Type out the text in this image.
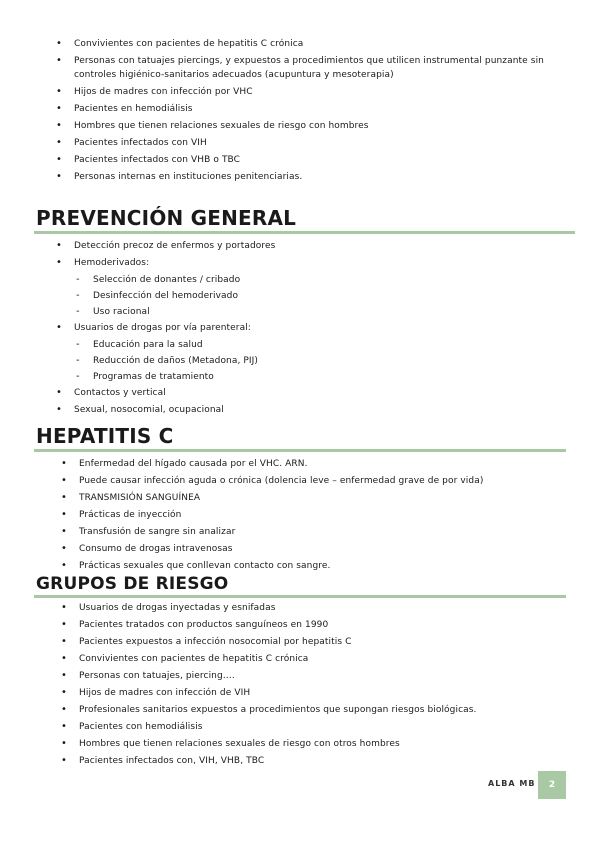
• Convivientes con pacientes de hepatitis C crónica
• Personas con tatuajes piercings, y expuestos a procedimientos que utilicen instrumental punzante sin controles higiénico-sanitarios adecuados (acupuntura y mesoterapia)
• Hijos de madres con infección por VHC
• Pacientes en hemodiálisis
• Hombres que tienen relaciones sexuales de riesgo con hombres
• Pacientes infectados con VIH
• Pacientes infectados con VHB o TBC
• Personas internas en instituciones penitenciarias.
PREVENCIÓN GENERAL
• Detección precoz de enfermos y portadores
• Hemoderivados:
- Selección de donantes / cribado
- Desinfección del hemoderivado
- Uso racional
• Usuarios de drogas por vía parenteral:
- Educación para la salud
- Reducción de daños (Metadona, PIJ)
- Programas de tratamiento
• Contactos y vertical
• Sexual, nosocomial, ocupacional
HEPATITIS C
• Enfermedad del hígado causada por el VHC. ARN.
• Puede causar infección aguda o crónica (dolencia leve – enfermedad grave de por vida)
• TRANSMISIÓN SANGUÍNEA
• Prácticas de inyección
• Transfusión de sangre sin analizar
• Consumo de drogas intravenosas
• Prácticas sexuales que conllevan contacto con sangre.
GRUPOS DE RIESGO
• Usuarios de drogas inyectadas y esnifadas
• Pacientes tratados con productos sanguíneos en 1990
• Pacientes expuestos a infección nosocomial por hepatitis C
• Convivientes con pacientes de hepatitis C crónica
• Personas con tatuajes, piercing….
• Hijos de madres con infección de VIH
• Profesionales sanitarios expuestos a procedimientos que supongan riesgos biológicas.
• Pacientes con hemodiálisis
• Hombres que tienen relaciones sexuales de riesgo con otros hombres
• Pacientes infectados con, VIH, VHB, TBC
ALBA MB	2
